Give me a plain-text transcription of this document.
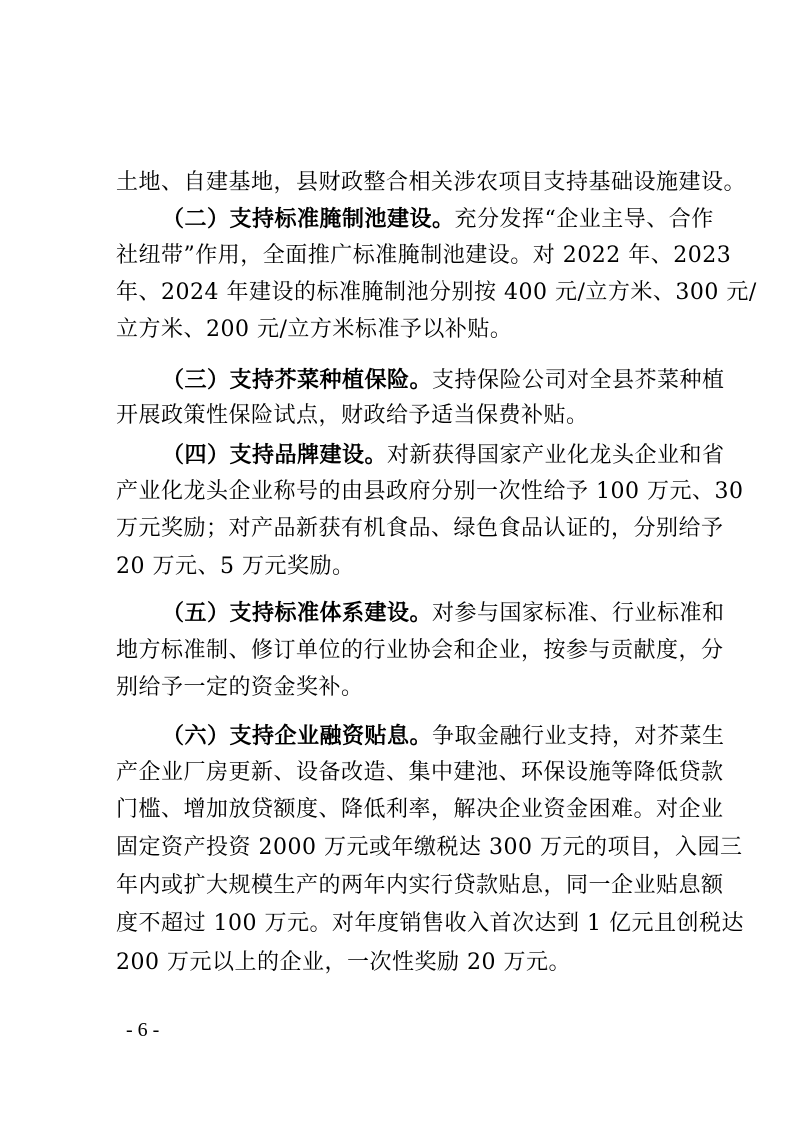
土地、自建基地，县财政整合相关涉农项目支持基础设施建设。
（二）支持标准腌制池建设。充分发挥“企业主导、合作
社纽带”作用，全面推广标准腌制池建设。对 2022 年、2023
年、2024 年建设的标准腌制池分别按 400 元/立方米、300 元/
立方米、200 元/立方米标准予以补贴。
（三）支持芥菜种植保险。支持保险公司对全县芥菜种植
开展政策性保险试点，财政给予适当保费补贴。
（四）支持品牌建设。对新获得国家产业化龙头企业和省
产业化龙头企业称号的由县政府分别一次性给予 100 万元、30
万元奖励；对产品新获有机食品、绿色食品认证的，分别给予
20 万元、5 万元奖励。
（五）支持标准体系建设。对参与国家标准、行业标准和
地方标准制、修订单位的行业协会和企业，按参与贡献度，分
别给予一定的资金奖补。
（六）支持企业融资贴息。争取金融行业支持，对芥菜生
产企业厂房更新、设备改造、集中建池、环保设施等降低贷款
门槛、增加放贷额度、降低利率，解决企业资金困难。对企业
固定资产投资 2000 万元或年缴税达 300 万元的项目，入园三
年内或扩大规模生产的两年内实行贷款贴息，同一企业贴息额
度不超过 100 万元。对年度销售收入首次达到 1 亿元且创税达
200 万元以上的企业，一次性奖励 20 万元。
- 6 -
